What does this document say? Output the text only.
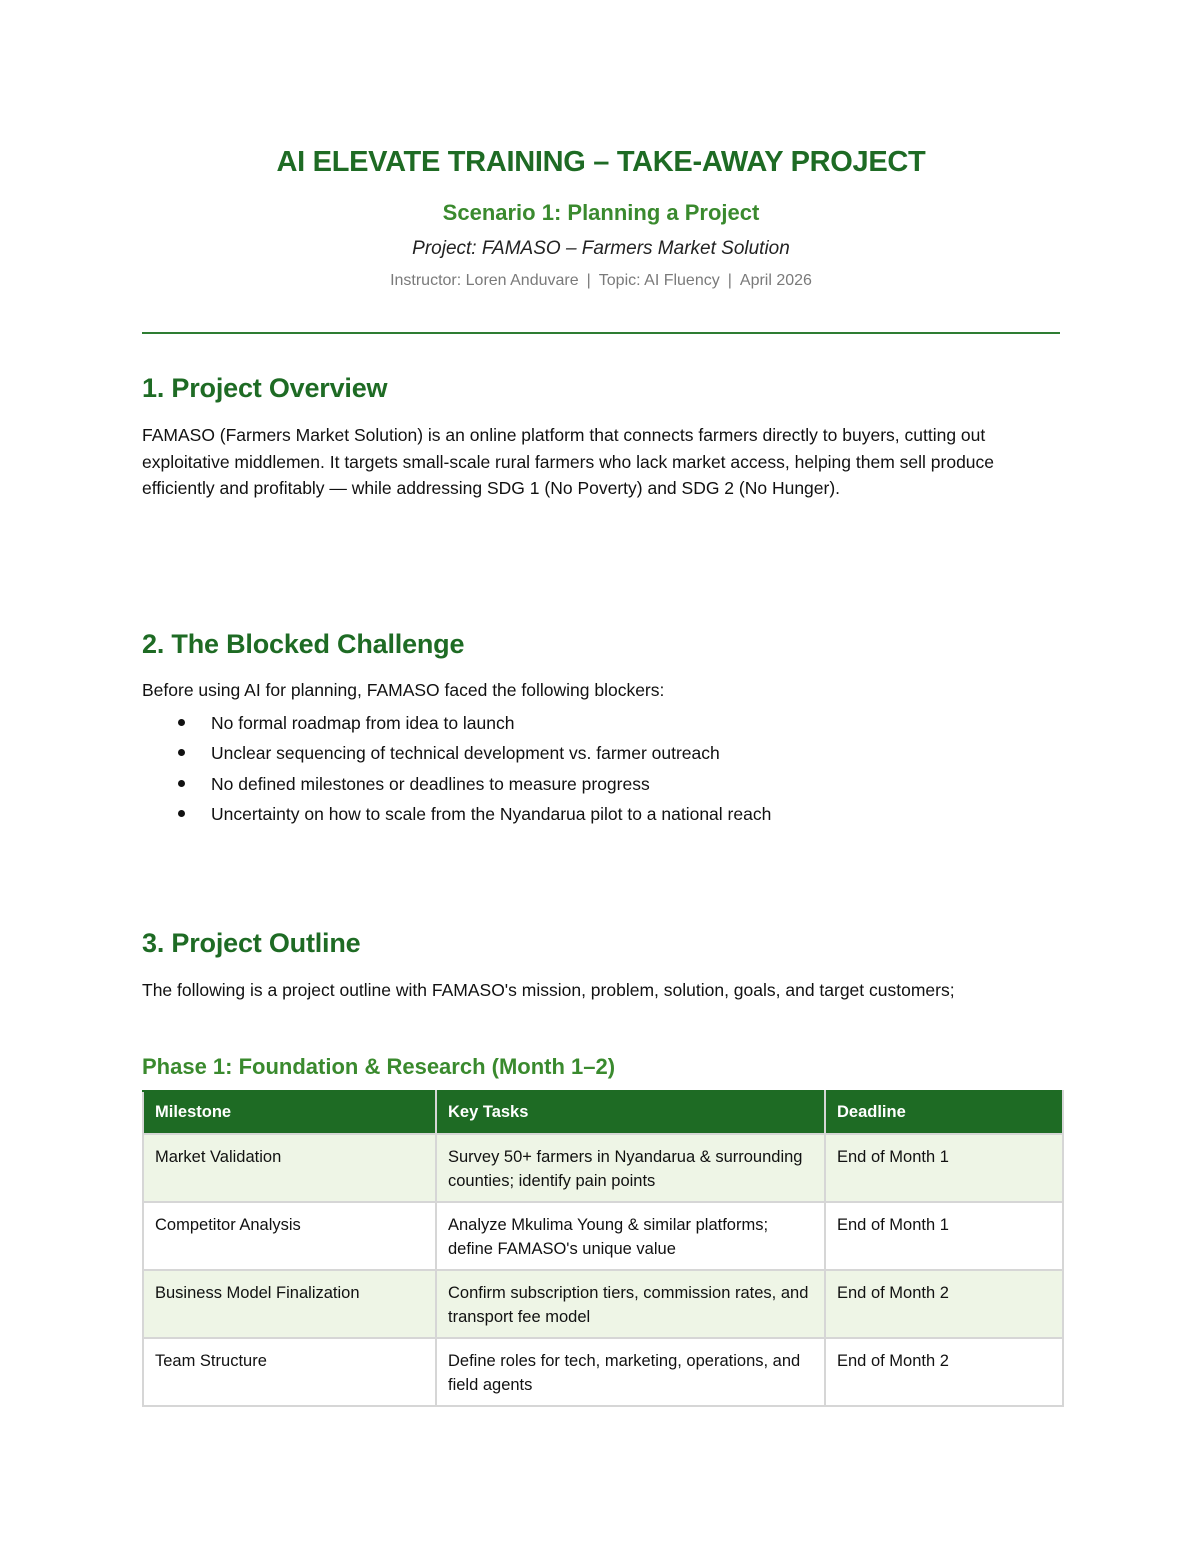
AI ELEVATE TRAINING – TAKE-AWAY PROJECT
Scenario 1: Planning a Project
Project: FAMASO – Farmers Market Solution
Instructor: Loren Anduvare | Topic: AI Fluency | April 2026
1. Project Overview
FAMASO (Farmers Market Solution) is an online platform that connects farmers directly to buyers, cutting out exploitative middlemen. It targets small-scale rural farmers who lack market access, helping them sell produce efficiently and profitably — while addressing SDG 1 (No Poverty) and SDG 2 (No Hunger).
2. The Blocked Challenge
Before using AI for planning, FAMASO faced the following blockers:
No formal roadmap from idea to launch
Unclear sequencing of technical development vs. farmer outreach
No defined milestones or deadlines to measure progress
Uncertainty on how to scale from the Nyandarua pilot to a national reach
3. Project Outline
The following is a project outline with FAMASO's mission, problem, solution, goals, and target customers;
Phase 1: Foundation & Research (Month 1–2)
Milestone	Key Tasks	Deadline
Market Validation	Survey 50+ farmers in Nyandarua & surrounding counties; identify pain points	End of Month 1
Competitor Analysis	Analyze Mkulima Young & similar platforms; define FAMASO's unique value	End of Month 1
Business Model Finalization	Confirm subscription tiers, commission rates, and transport fee model	End of Month 2
Team Structure	Define roles for tech, marketing, operations, and field agents	End of Month 2
